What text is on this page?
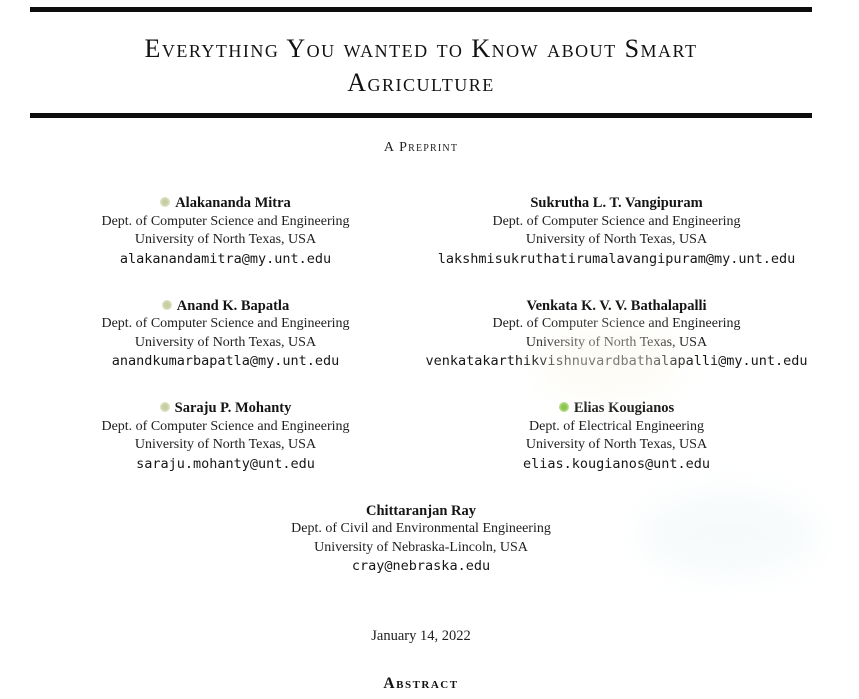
Everything You wanted to Know about Smart
Agriculture
A Preprint
Alakananda Mitra
Dept. of Computer Science and Engineering
University of North Texas, USA
alakanandamitra@my.unt.edu
Sukrutha L. T. Vangipuram
Dept. of Computer Science and Engineering
University of North Texas, USA
lakshmisukruthatirumalavangipuram@my.unt.edu
Anand K. Bapatla
Dept. of Computer Science and Engineering
University of North Texas, USA
anandkumarbapatla@my.unt.edu
Venkata K. V. V. Bathalapalli
Dept. of Computer Science and Engineering
University of North Texas, USA
venkatakarthikvishnuvardbathalapalli@my.unt.edu
Saraju P. Mohanty
Dept. of Computer Science and Engineering
University of North Texas, USA
saraju.mohanty@unt.edu
Elias Kougianos
Dept. of Electrical Engineering
University of North Texas, USA
elias.kougianos@unt.edu
Chittaranjan Ray
Dept. of Civil and Environmental Engineering
University of Nebraska-Lincoln, USA
cray@nebraska.edu
January 14, 2022
Abstract
